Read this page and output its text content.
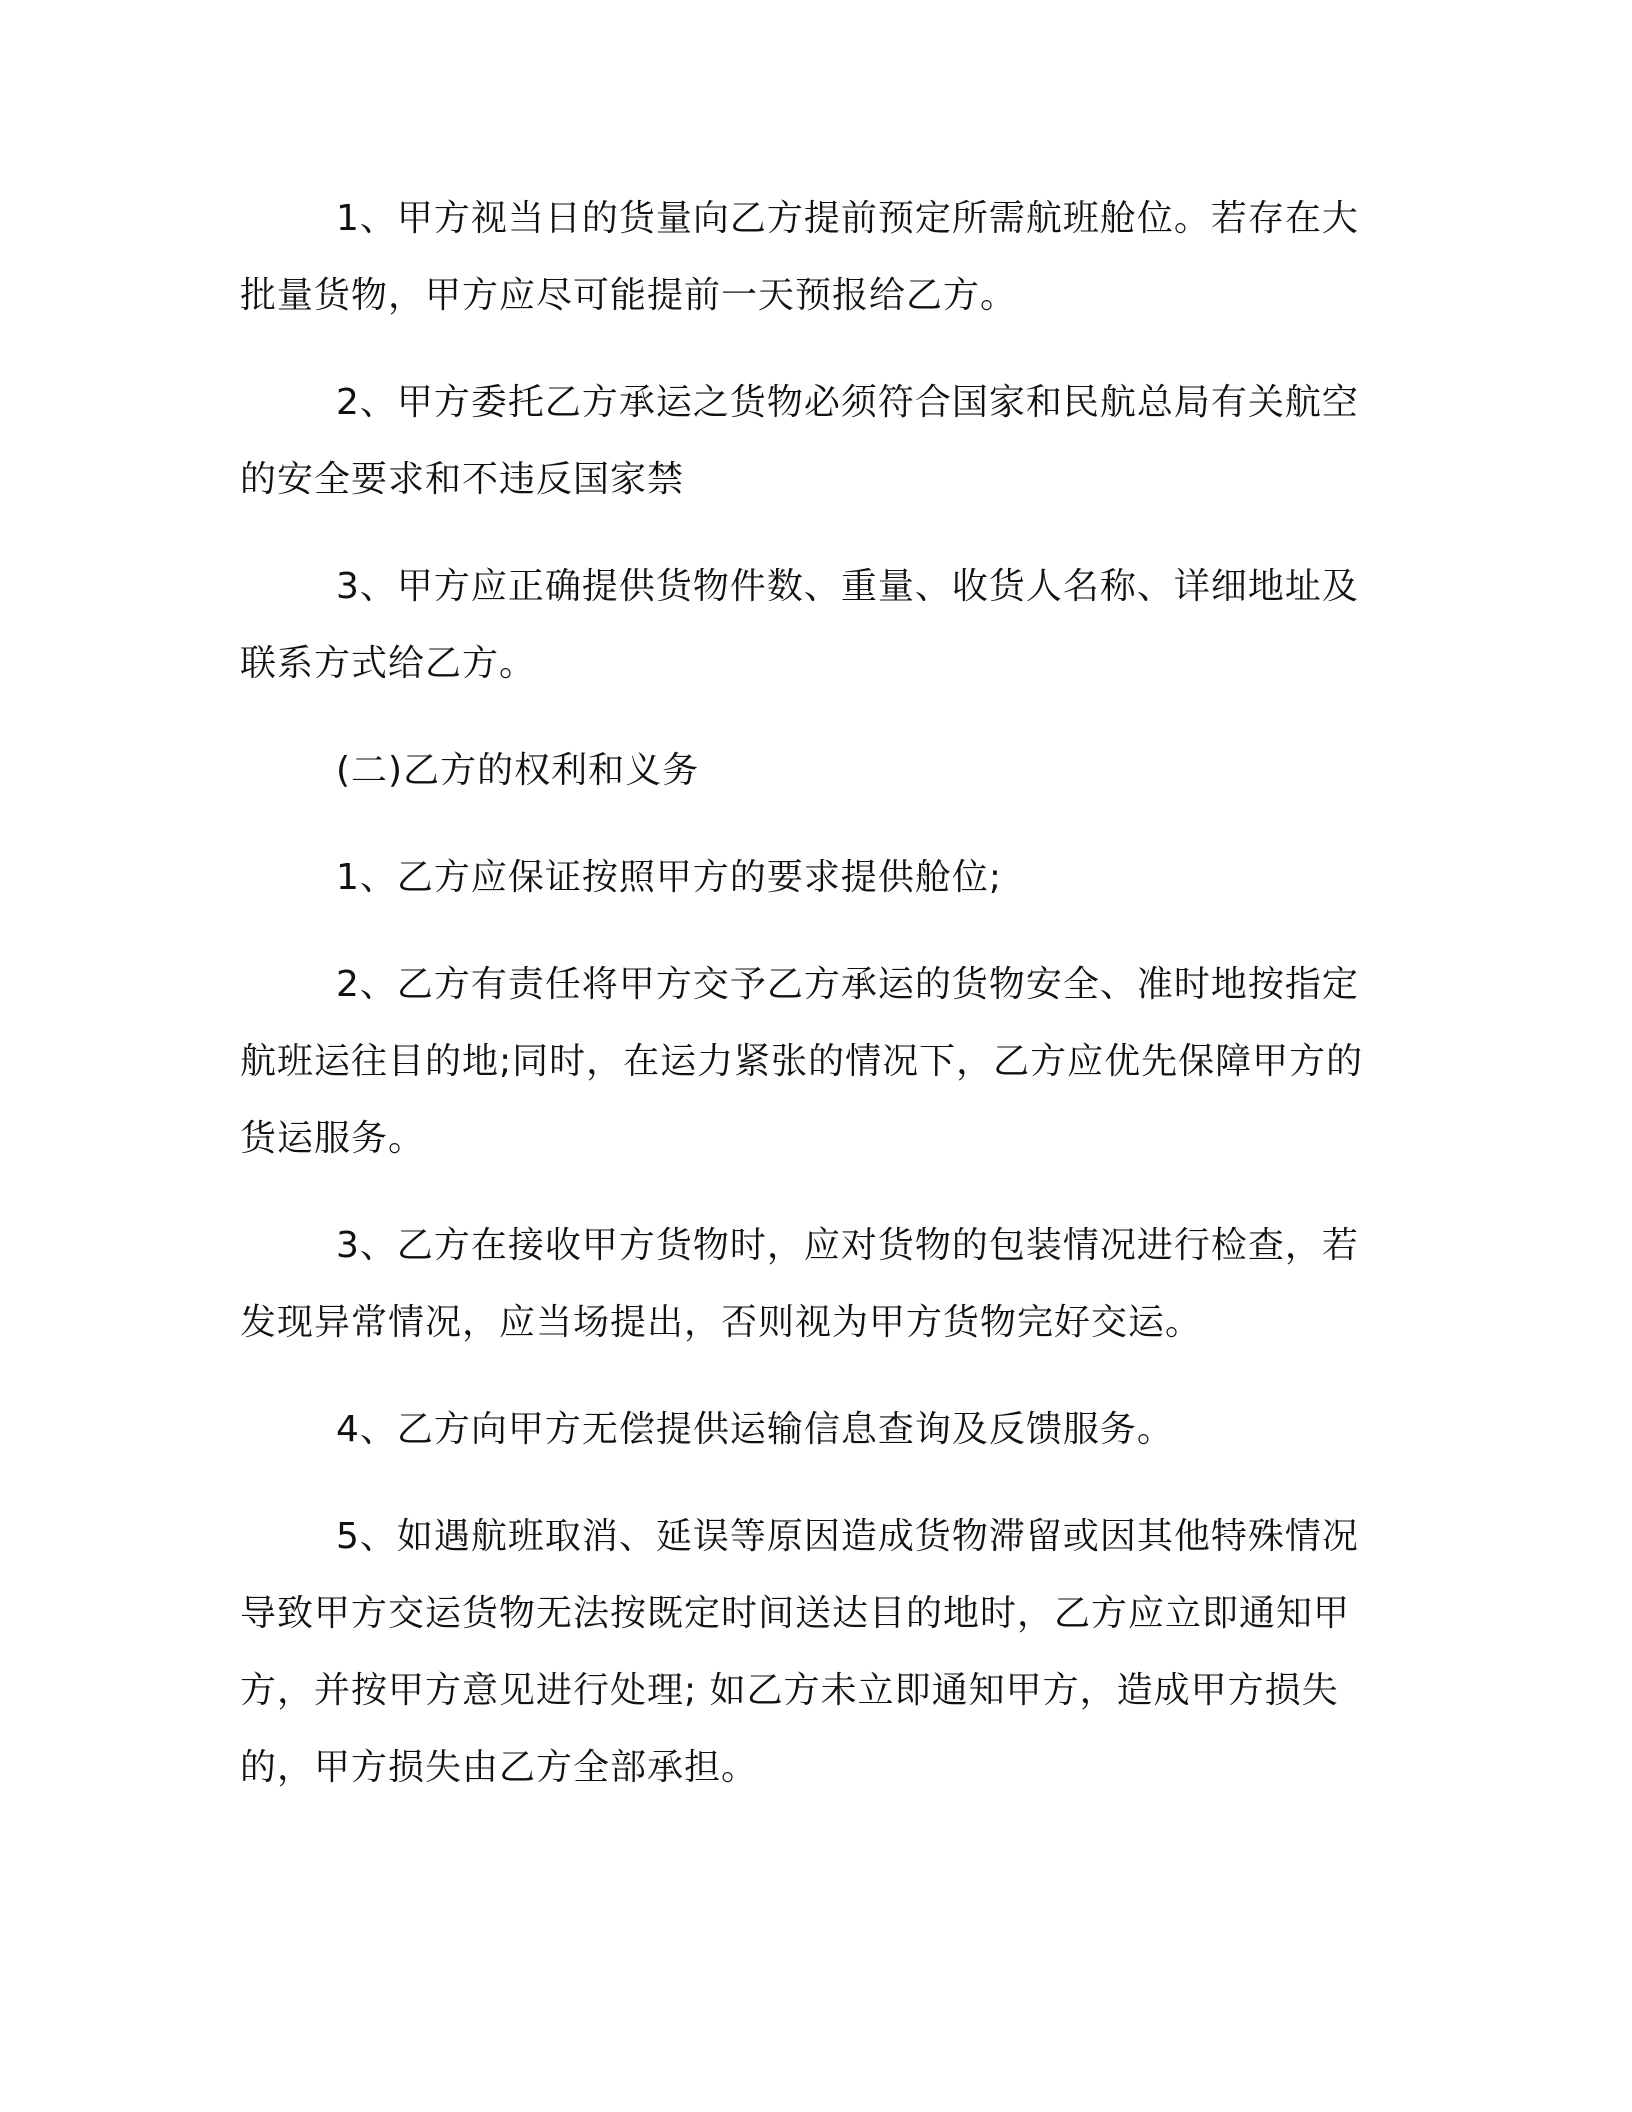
1、甲方视当日的货量向乙方提前预定所需航班舱位。若存在大批量货物，甲方应尽可能提前一天预报给乙方。

2、甲方委托乙方承运之货物必须符合国家和民航总局有关航空的安全要求和不违反国家禁

3、甲方应正确提供货物件数、重量、收货人名称、详细地址及联系方式给乙方。

(二)乙方的权利和义务

1、乙方应保证按照甲方的要求提供舱位;

2、乙方有责任将甲方交予乙方承运的货物安全、准时地按指定航班运往目的地;同时，在运力紧张的情况下，乙方应优先保障甲方的货运服务。

3、乙方在接收甲方货物时，应对货物的包装情况进行检查，若发现异常情况，应当场提出，否则视为甲方货物完好交运。

4、乙方向甲方无偿提供运输信息查询及反馈服务。

5、如遇航班取消、延误等原因造成货物滞留或因其他特殊情况导致甲方交运货物无法按既定时间送达目的地时，乙方应立即通知甲方，并按甲方意见进行处理; 如乙方未立即通知甲方，造成甲方损失的，甲方损失由乙方全部承担。
